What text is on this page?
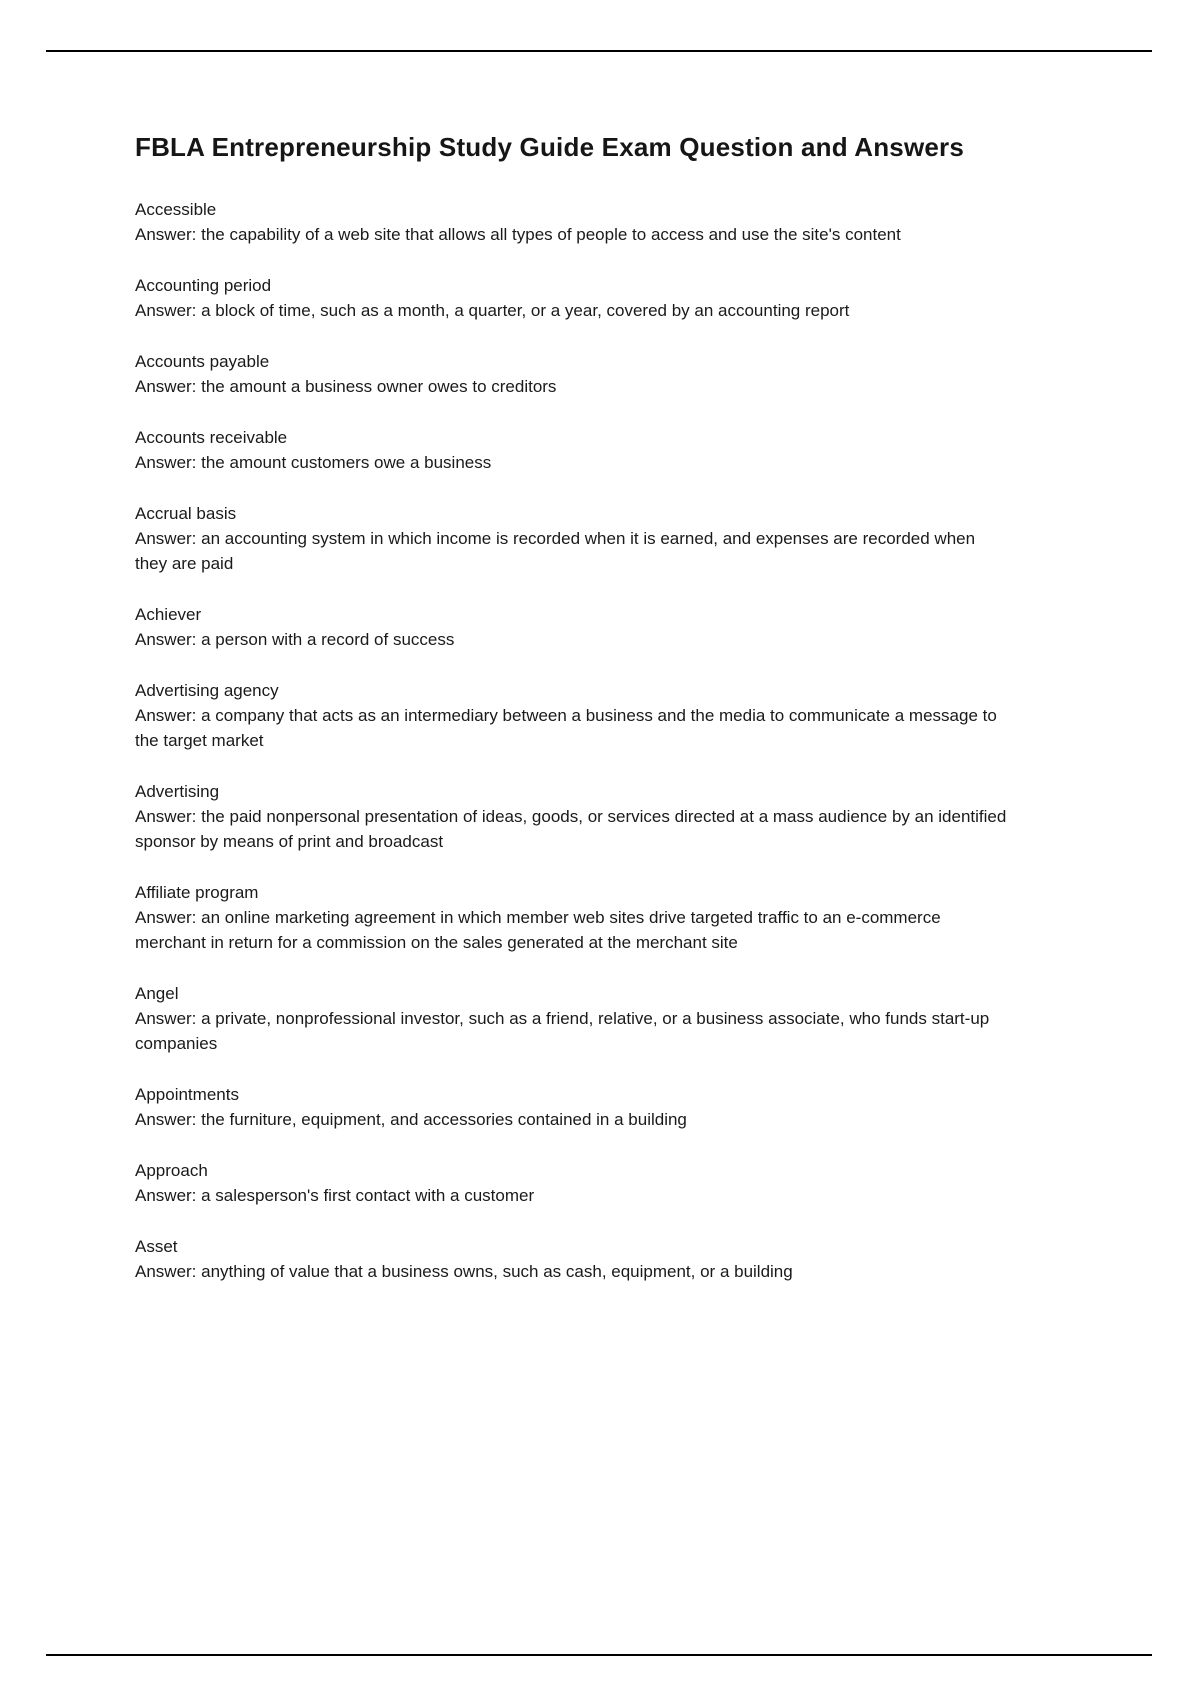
FBLA Entrepreneurship Study Guide Exam Question and Answers
Accessible
Answer: the capability of a web site that allows all types of people to access and use the site's content
Accounting period
Answer: a block of time, such as a month, a quarter, or a year, covered by an accounting report
Accounts payable
Answer: the amount a business owner owes to creditors
Accounts receivable
Answer: the amount customers owe a business
Accrual basis
Answer: an accounting system in which income is recorded when it is earned, and expenses are recorded when they are paid
Achiever
Answer: a person with a record of success
Advertising agency
Answer: a company that acts as an intermediary between a business and the media to communicate a message to the target market
Advertising
Answer: the paid nonpersonal presentation of ideas, goods, or services directed at a mass audience by an identified sponsor by means of print and broadcast
Affiliate program
Answer: an online marketing agreement in which member web sites drive targeted traffic to an e-commerce merchant in return for a commission on the sales generated at the merchant site
Angel
Answer: a private, nonprofessional investor, such as a friend, relative, or a business associate, who funds start-up companies
Appointments
Answer: the furniture, equipment, and accessories contained in a building
Approach
Answer: a salesperson's first contact with a customer
Asset
Answer: anything of value that a business owns, such as cash, equipment, or a building
